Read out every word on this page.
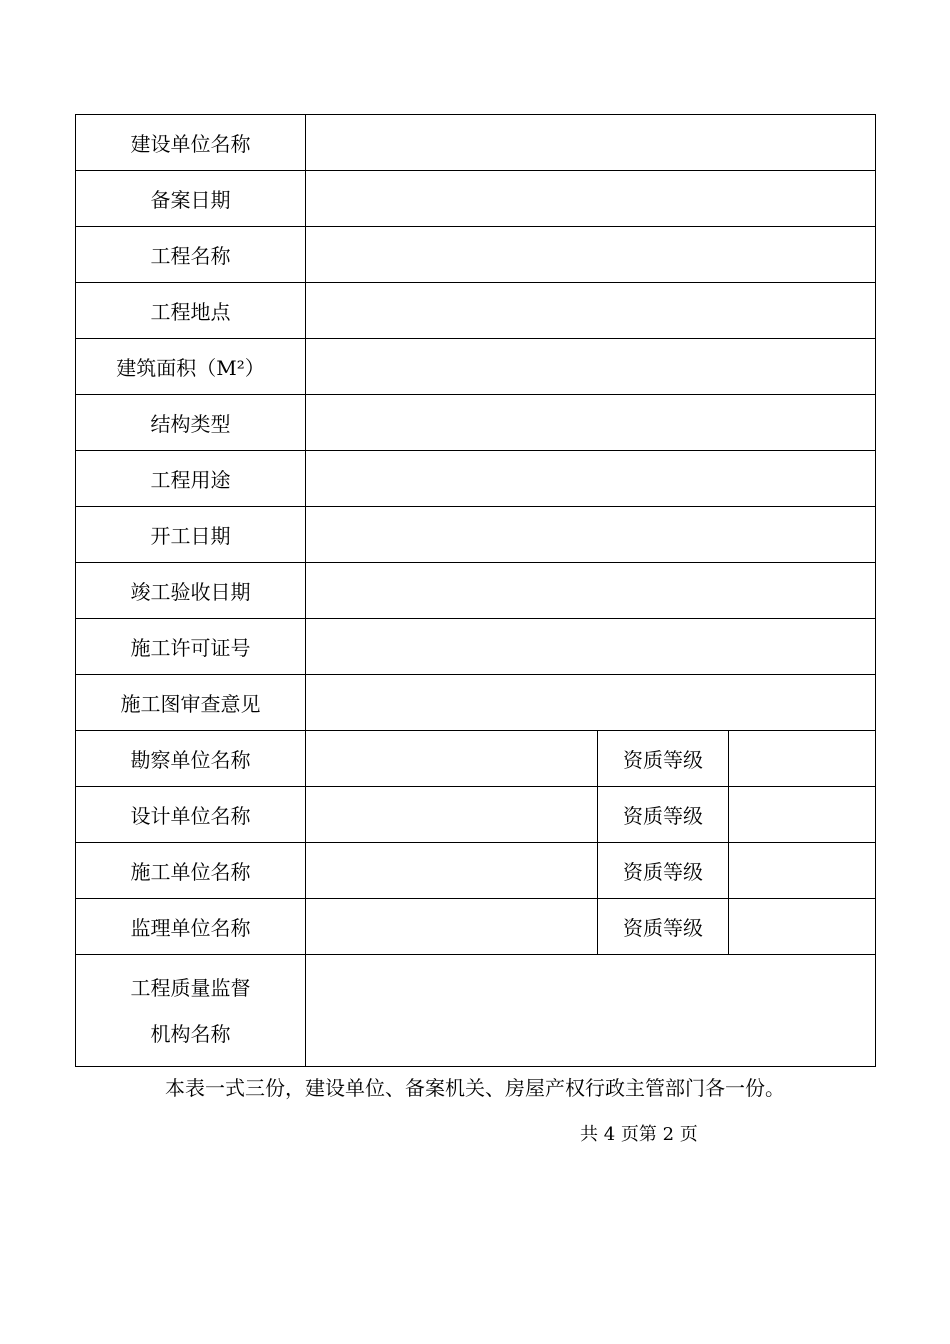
建设单位名称			
备案日期			
工程名称			
工程地点			
建筑面积（M²）			
结构类型			
工程用途			
开工日期			
竣工验收日期			
施工许可证号			
施工图审查意见			
勘察单位名称		资质等级	
设计单位名称		资质等级	
施工单位名称		资质等级	
监理单位名称		资质等级	

工程质量监督
机构名称			

本表一式三份，建设单位、备案机关、房屋产权行政主管部门各一份。
共 4 页第 2 页
